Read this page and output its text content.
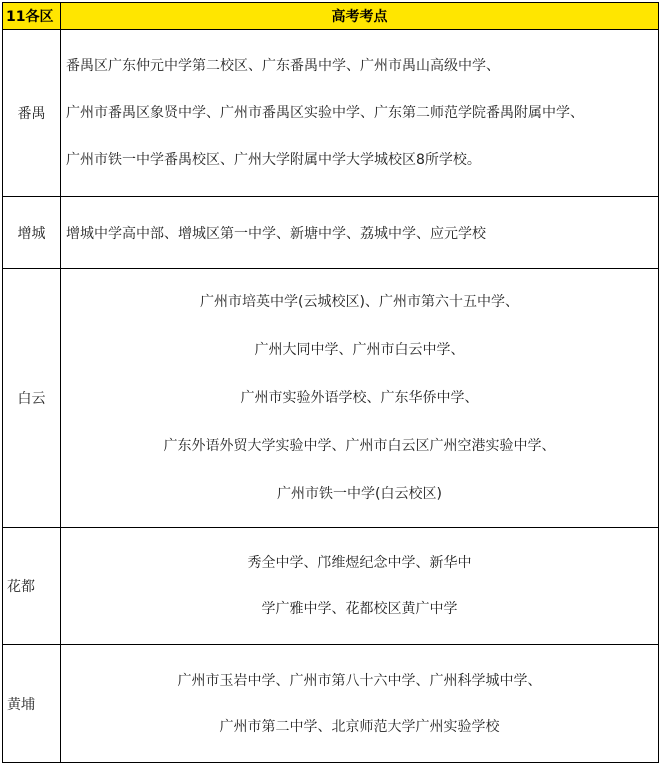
11各区	高考考点
番禺	番禺区广东仲元中学第二校区、广东番禺中学、广州市禺山高级中学、
广州市番禺区象贤中学、广州市番禺区实验中学、广东第二师范学院番禺附属中学、
广州市铁一中学番禺校区、广州大学附属中学大学城校区8所学校。

增城	增城中学高中部、增城区第一中学、新塘中学、荔城中学、应元学校

白云	广州市培英中学(云城校区)、广州市第六十五中学、
广州大同中学、广州市白云中学、
广州市实验外语学校、广东华侨中学、
广东外语外贸大学实验中学、广州市白云区广州空港实验中学、
广州市铁一中学(白云校区)

花都	秀全中学、邝维煜纪念中学、新华中
学广雅中学、花都校区黄广中学

黄埔	广州市玉岩中学、广州市第八十六中学、广州科学城中学、
广州市第二中学、北京师范大学广州实验学校
